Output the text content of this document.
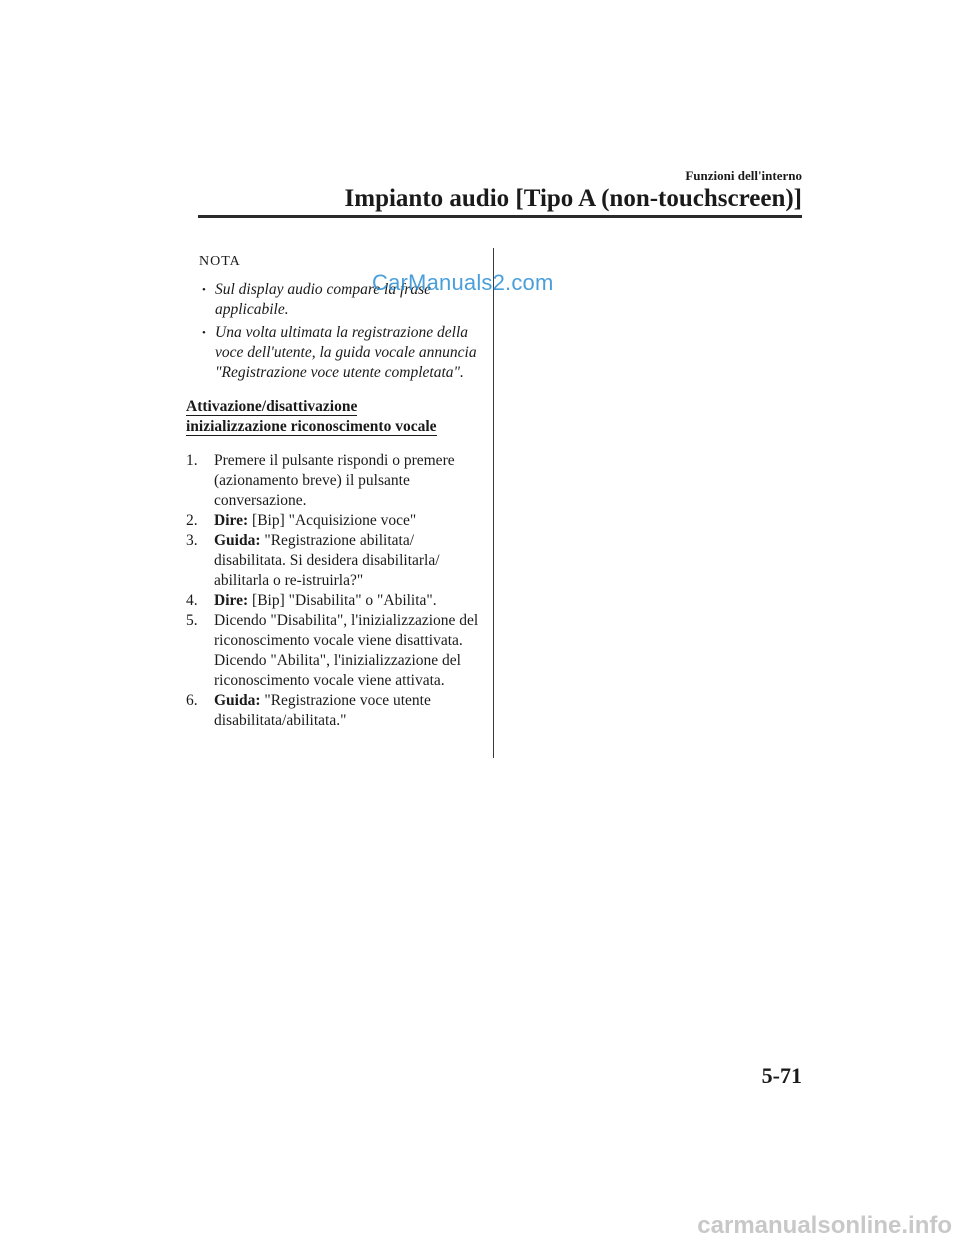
Funzioni dell'interno
Impianto audio [Tipo A (non-touchscreen)]
NOTA
• Sul display audio compare la frase applicabile.
• Una volta ultimata la registrazione della voce dell'utente, la guida vocale annuncia "Registrazione voce utente completata".
Attivazione/disattivazione
inizializzazione riconoscimento vocale
1. Premere il pulsante rispondi o premere (azionamento breve) il pulsante conversazione.
2. Dire: [Bip] "Acquisizione voce"
3. Guida: "Registrazione abilitata/ disabilitata. Si desidera disabilitarla/ abilitarla o re-istruirla?"
4. Dire: [Bip] "Disabilita" o "Abilita".
5. Dicendo "Disabilita", l'inizializzazione del riconoscimento vocale viene disattivata.
Dicendo "Abilita", l'inizializzazione del riconoscimento vocale viene attivata.
6. Guida: "Registrazione voce utente disabilitata/abilitata."
CarManuals2.com
5-71
carmanualsonline.info
